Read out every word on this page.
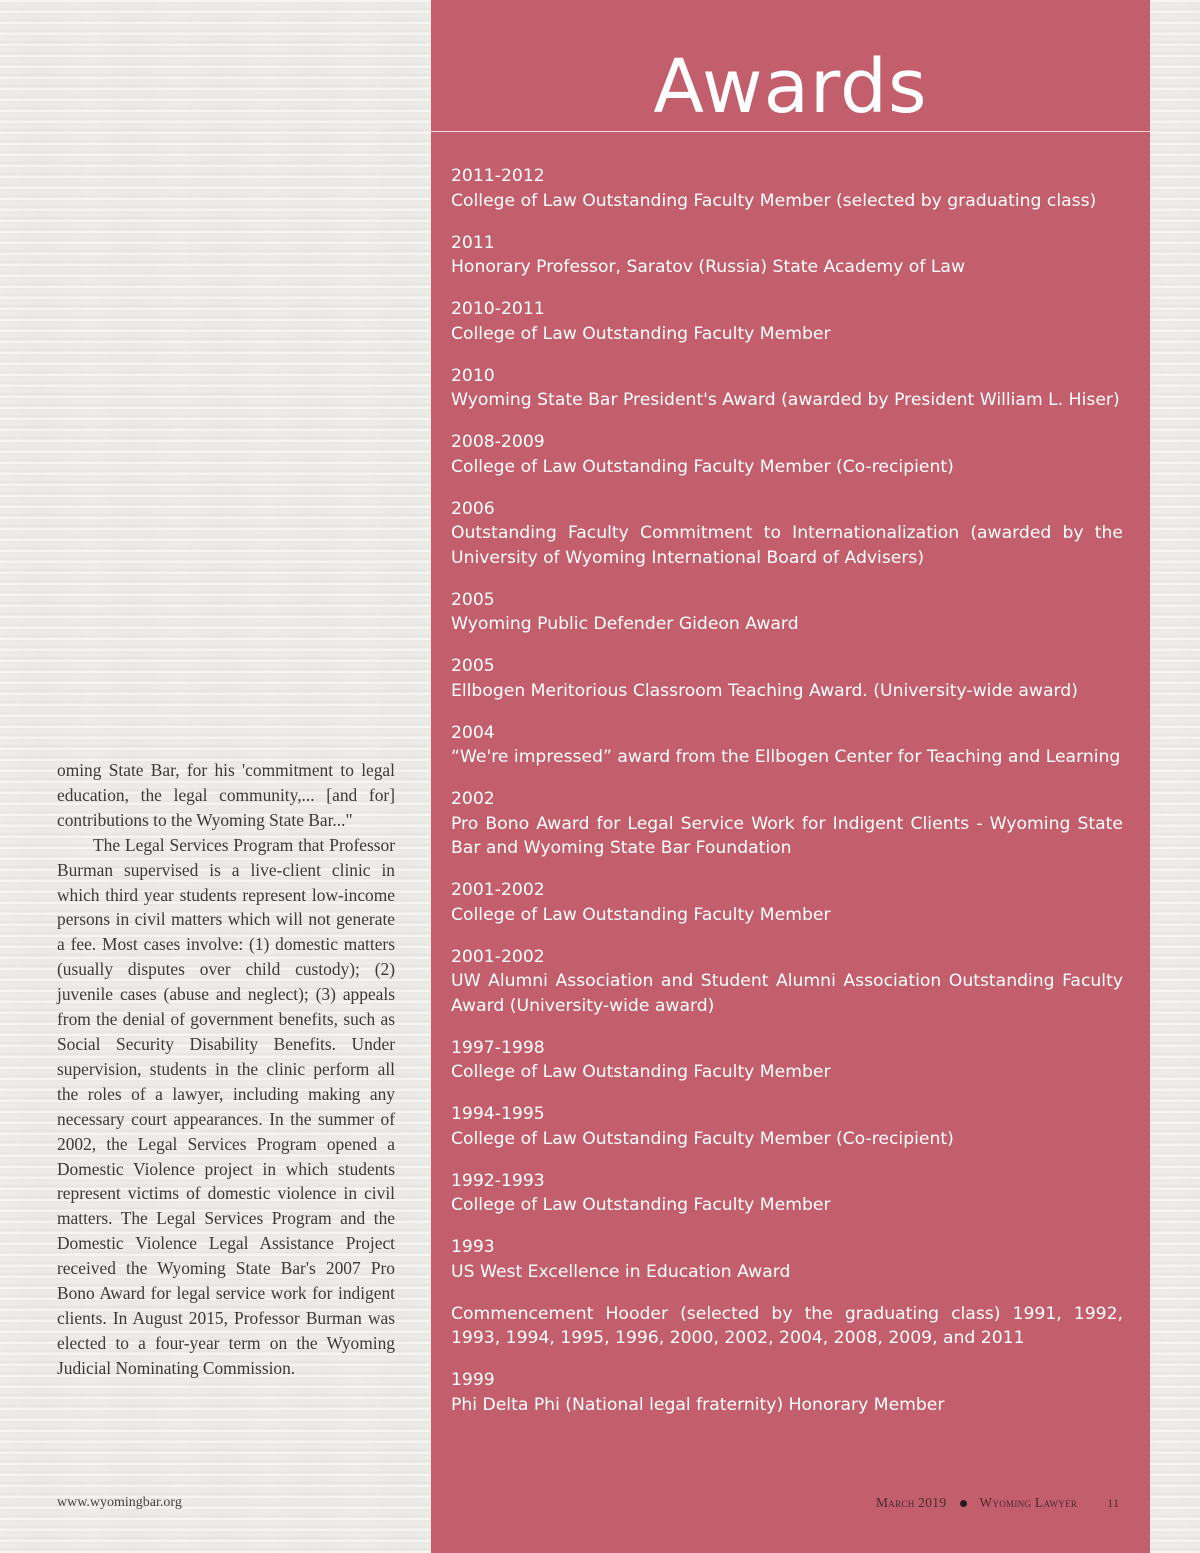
oming State Bar, for his 'commitment to legal education, the legal community,... [and for] contributions to the Wyoming State Bar..."

The Legal Services Program that Professor Burman supervised is a live-client clinic in which third year students represent low-income persons in civil matters which will not generate a fee. Most cases involve: (1) domestic matters (usually disputes over child custody); (2) juvenile cases (abuse and neglect); (3) appeals from the denial of government benefits, such as Social Security Disability Benefits. Under supervision, students in the clinic perform all the roles of a lawyer, including making any necessary court appearances. In the summer of 2002, the Legal Services Program opened a Domestic Violence project in which students represent victims of domestic violence in civil matters. The Legal Services Program and the Domestic Violence Legal Assistance Project received the Wyoming State Bar's 2007 Pro Bono Award for legal service work for indigent clients. In August 2015, Professor Burman was elected to a four-year term on the Wyoming Judicial Nominating Commission.

www.wyomingbar.org
Awards
2011-2012
College of Law Outstanding Faculty Member (selected by graduating class)
2011
Honorary Professor, Saratov (Russia) State Academy of Law
2010-2011
College of Law Outstanding Faculty Member
2010
Wyoming State Bar President's Award (awarded by President William L. Hiser)
2008-2009
College of Law Outstanding Faculty Member (Co-recipient)
2006
Outstanding Faculty Commitment to Internationalization (awarded by the University of Wyoming International Board of Advisers)
2005
Wyoming Public Defender Gideon Award
2005
Ellbogen Meritorious Classroom Teaching Award. (University-wide award)
2004
“We're impressed” award from the Ellbogen Center for Teaching and Learning
2002
Pro Bono Award for Legal Service Work for Indigent Clients - Wyoming State Bar and Wyoming State Bar Foundation
2001-2002
College of Law Outstanding Faculty Member
2001-2002
UW Alumni Association and Student Alumni Association Outstanding Faculty Award (University-wide award)
1997-1998
College of Law Outstanding Faculty Member
1994-1995
College of Law Outstanding Faculty Member (Co-recipient)
1992-1993
College of Law Outstanding Faculty Member
1993
US West Excellence in Education Award
Commencement Hooder (selected by the graduating class) 1991, 1992, 1993, 1994, 1995, 1996, 2000, 2002, 2004, 2008, 2009, and 2011
1999
Phi Delta Phi (National legal fraternity) Honorary Member
March 2019 Wyoming Lawyer	11
